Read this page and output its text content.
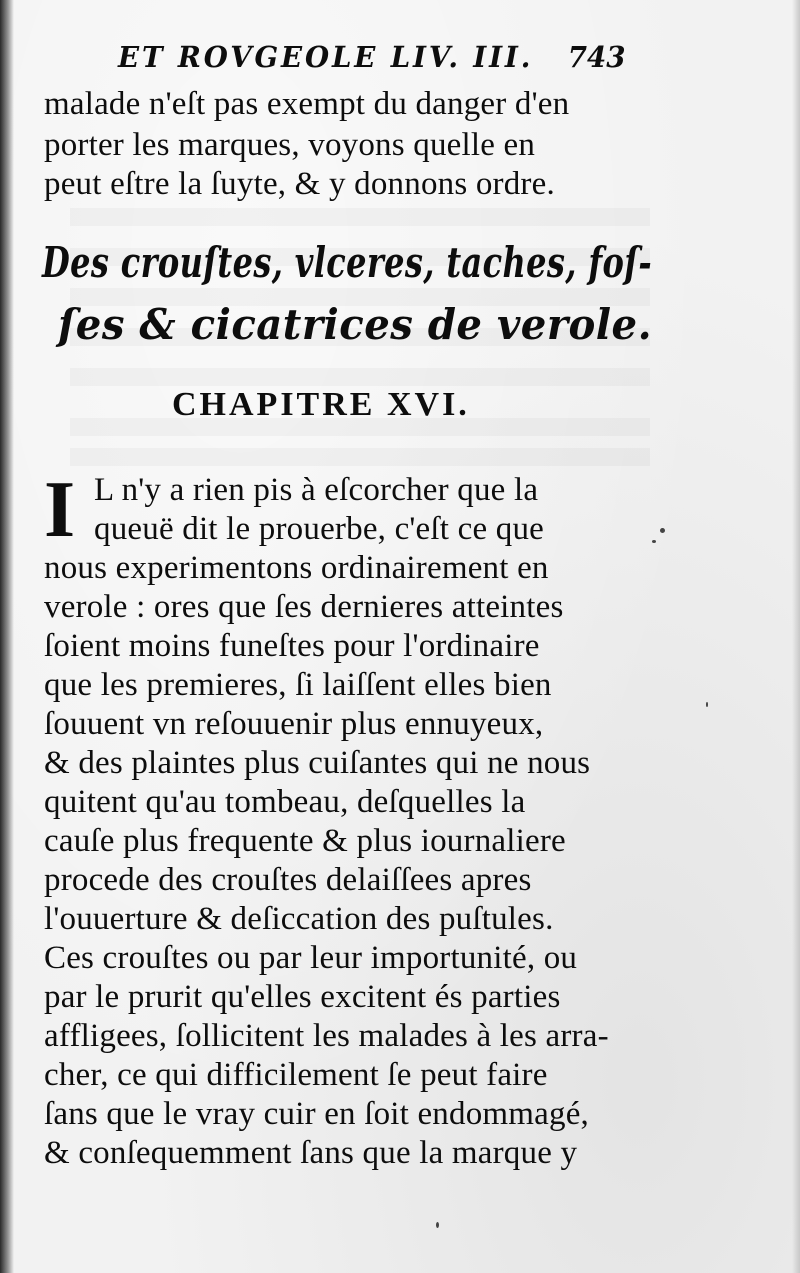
ET ROVGEOLE LIV. III. 743
malade n'eſt pas exempt du danger d'en
porter les marques, voyons quelle en
peut eſtre la ſuyte, & y donnons ordre.
Des crouſtes, vlceres, taches, foſ-
ſes & cicatrices de verole.
CHAPITRE XVI.
I L n'y a rien pis à eſcorcher que la
queuë dit le prouerbe, c'eſt ce que
nous experimentons ordinairement en
verole : ores que ſes dernieres atteintes
ſoient moins funeſtes pour l'ordinaire
que les premieres, ſi laiſſent elles bien
ſouuent vn reſouuenir plus ennuyeux,
& des plaintes plus cuiſantes qui ne nous
quitent qu'au tombeau, deſquelles la
cauſe plus frequente & plus iournaliere
procede des crouſtes delaiſſees apres
l'ouuerture & deſiccation des puſtules.
Ces crouſtes ou par leur importunité, ou
par le prurit qu'elles excitent és parties
affligees, ſollicitent les malades à les arra-
cher, ce qui difficilement ſe peut faire
ſans que le vray cuir en ſoit endommagé,
& conſequemment ſans que la marque y
